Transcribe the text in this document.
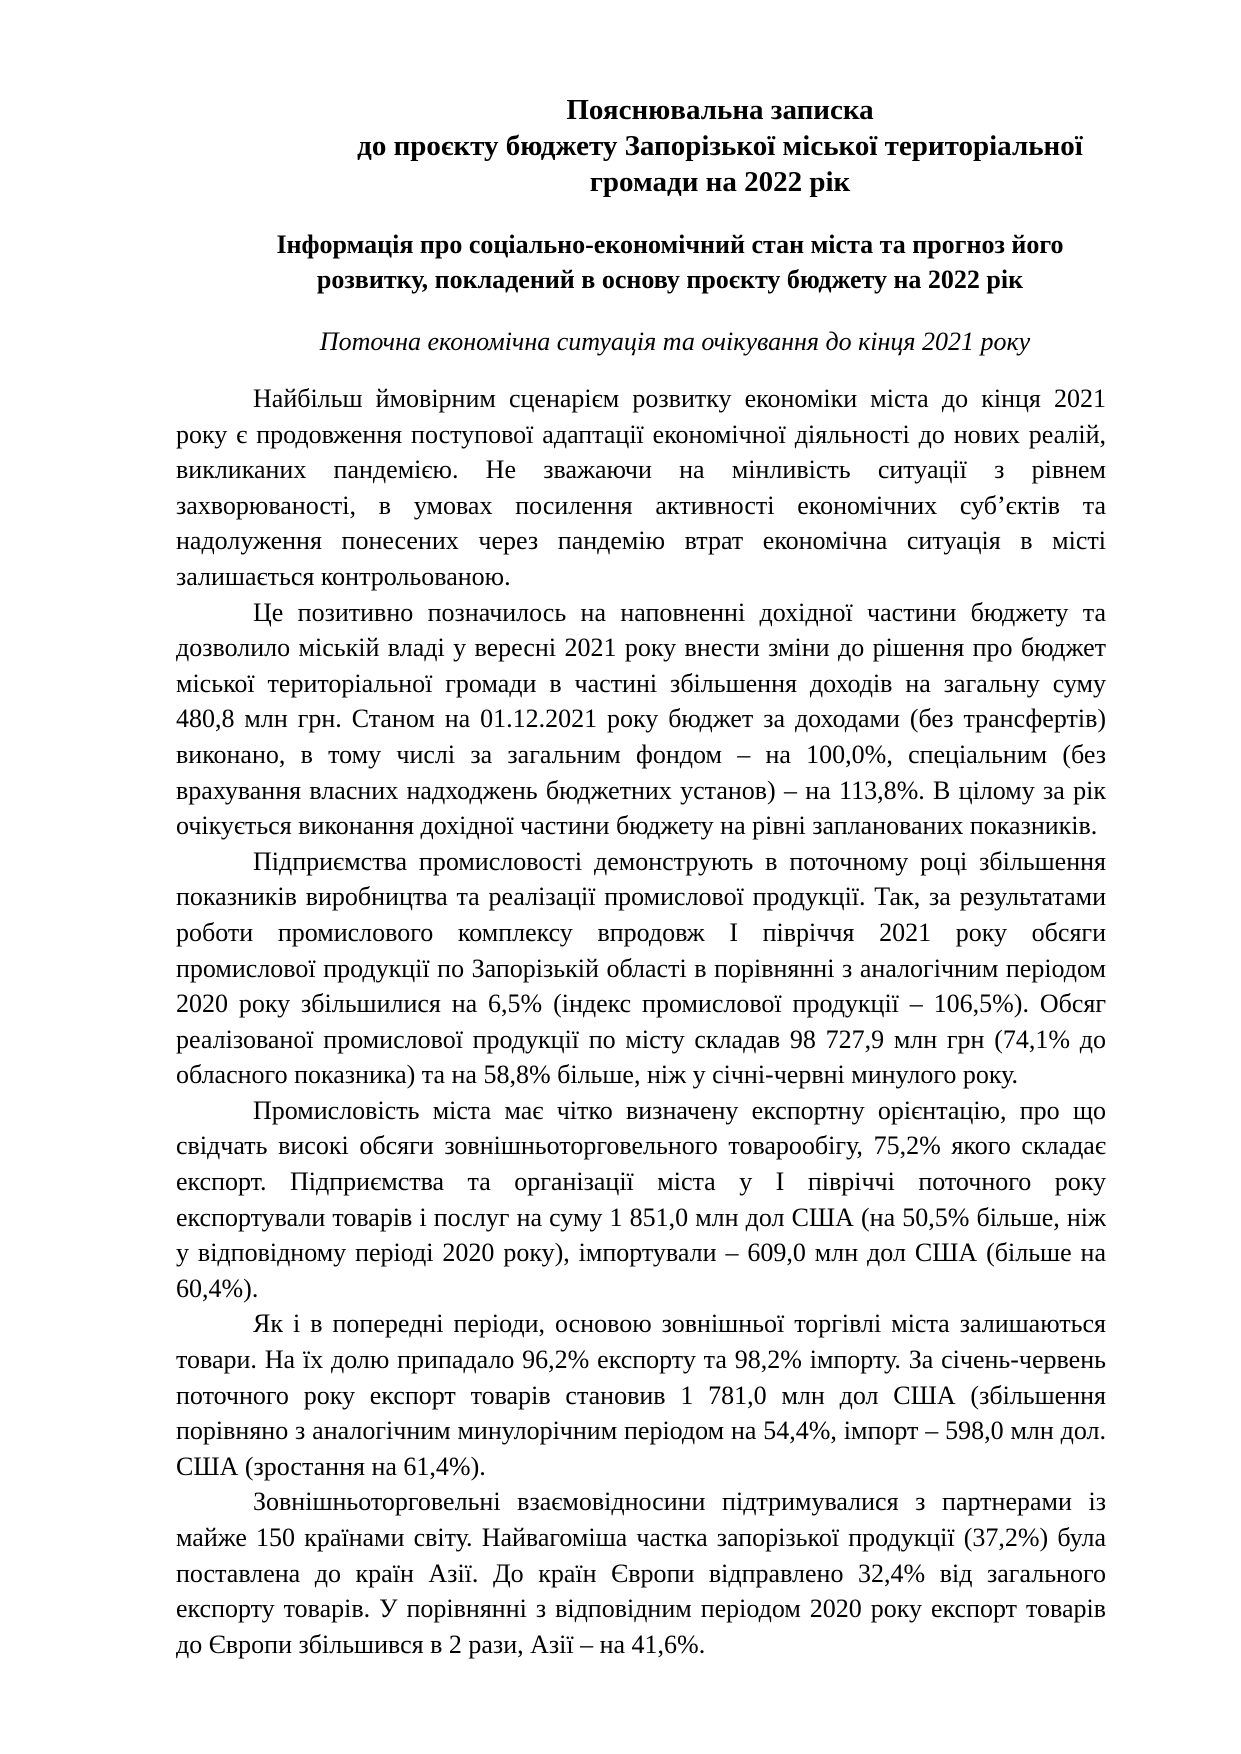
Пояснювальна записка
до проєкту бюджету Запорізької міської територіальної
громади на 2022 рік
Інформація про соціально-економічний стан міста та прогноз його
розвитку, покладений в основу проєкту бюджету на 2022 рік
Поточна економічна ситуація та очікування до кінця 2021 року

Найбільш ймовірним сценарієм розвитку економіки міста до кінця 2021 року є продовження поступової адаптації економічної діяльності до нових реалій, викликаних пандемією. Не зважаючи на мінливість ситуації з рівнем захворюваності, в умовах посилення активності економічних суб’єктів та надолуження понесених через пандемію втрат економічна ситуація в місті залишається контрольованою.

Це позитивно позначилось на наповненні дохідної частини бюджету та дозволило міській владі у вересні 2021 року внести зміни до рішення про бюджет міської територіальної громади в частині збільшення доходів на загальну суму 480,8 млн грн. Станом на 01.12.2021 року бюджет за доходами (без трансфертів) виконано, в тому числі за загальним фондом – на 100,0%, спеціальним (без врахування власних надходжень бюджетних установ) – на 113,8%. В цілому за рік очікується виконання дохідної частини бюджету на рівні запланованих показників.

Підприємства промисловості демонструють в поточному році збільшення показників виробництва та реалізації промислової продукції. Так, за результатами роботи промислового комплексу впродовж І півріччя 2021 року обсяги промислової продукції по Запорізькій області в порівнянні з аналогічним періодом 2020 року збільшилися на 6,5% (індекс промислової продукції – 106,5%). Обсяг реалізованої промислової продукції по місту складав 98 727,9 млн грн (74,1% до обласного показника) та на 58,8% більше, ніж у січні-червні минулого року.

Промисловість міста має чітко визначену експортну орієнтацію, про що свідчать високі обсяги зовнішньоторговельного товарообігу, 75,2% якого складає експорт. Підприємства та організації міста у І півріччі поточного року експортували товарів і послуг на суму 1 851,0 млн дол США (на 50,5% більше, ніж у відповідному періоді 2020 року), імпортували – 609,0 млн дол США (більше на 60,4%).

Як і в попередні періоди, основою зовнішньої торгівлі міста залишаються товари. На їх долю припадало 96,2% експорту та 98,2% імпорту. За січень-червень поточного року експорт товарів становив 1 781,0 млн дол США (збільшення порівняно з аналогічним минулорічним періодом на 54,4%, імпорт – 598,0 млн дол. США (зростання на 61,4%).

Зовнішньоторговельні взаємовідносини підтримувалися з партнерами із майже 150 країнами світу. Найвагоміша частка запорізької продукції (37,2%) була поставлена до країн Азії. До країн Європи відправлено 32,4% від загального експорту товарів. У порівнянні з відповідним періодом 2020 року експорт товарів до Європи збільшився в 2 рази, Азії – на 41,6%.
